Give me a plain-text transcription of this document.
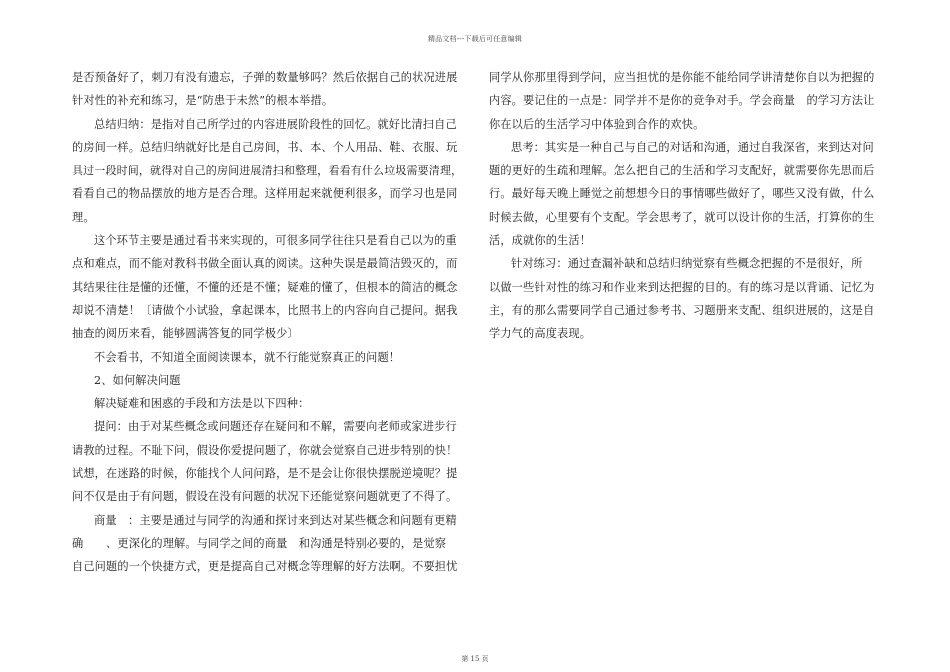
精品文档---下载后可任意编辑
是否预备好了，刺刀有没有遗忘，子弹的数量够吗？然后依据自己的状况进展
针对性的补充和练习，是“防患于未然”的根本举措。
总结归纳：是指对自己所学过的内容进展阶段性的回忆。就好比清扫自己
的房间一样。总结归纳就好比是自己房间，书、本、个人用品、鞋、衣服、玩
具过一段时间，就得对自己的房间进展清扫和整理，看看有什么垃圾需要清理，
看看自己的物品摆放的地方是否合理。这样用起来就便利很多，而学习也是同
理。
这个环节主要是通过看书来实现的，可很多同学往往只是看自己以为的重
点和难点，而不能对教科书做全面认真的阅读。这种失误是最简洁毁灭的，而
其结果往往是懂的还懂，不懂的还是不懂；疑难的懂了，但根本的简洁的概念
却说不清楚！〔请做个小试验，拿起课本，比照书上的内容向自己提问。据我
抽查的阅历来看，能够圆满答复的同学极少〕
不会看书，不知道全面阅读课本，就不行能觉察真正的问题！
2、如何解决问题
解决疑难和困惑的手段和方法是以下四种：
提问：由于对某些概念或问题还存在疑问和不解，需要向老师或家进步行
请教的过程。不耻下问，假设你爱提问题了，你就会觉察自己进步特别的快！
试想，在迷路的时候，你能找个人问问路，是不是会让你很快摆脱逆境呢？提
问不仅是由于有问题，假设在没有问题的状况下还能觉察问题就更了不得了。
商量　：主要是通过与同学的沟通和探讨来到达对某些概念和问题有更精
确　　、更深化的理解。与同学之间的商量　和沟通是特别必要的，是觉察
自己问题的一个快捷方式，更是提高自己对概念等理解的好方法啊。不要担忧
同学从你那里得到学问，应当担忧的是你能不能给同学讲清楚你自以为把握的
内容。要记住的一点是：同学并不是你的竞争对手。学会商量　的学习方法让
你在以后的生活学习中体验到合作的欢快。
思考：其实是一种自己与自己的对话和沟通，通过自我深省，来到达对问
题的更好的生疏和理解。怎么把自己的生活和学习支配好，就需要你先思而后
行。最好每天晚上睡觉之前想想今日的事情哪些做好了，哪些又没有做，什么
时候去做，心里要有个支配。学会思考了，就可以设计你的生活，打算你的生
活，成就你的生活！
针对练习：通过查漏补缺和总结归纳觉察有些概念把握的不是很好，所
以做一些针对性的练习和作业来到达把握的目的。有的练习是以背诵、记忆为
主，有的那么需要同学自己通过参考书、习题册来支配、组织进展的，这是自
学力气的高度表现。
第 15 页
